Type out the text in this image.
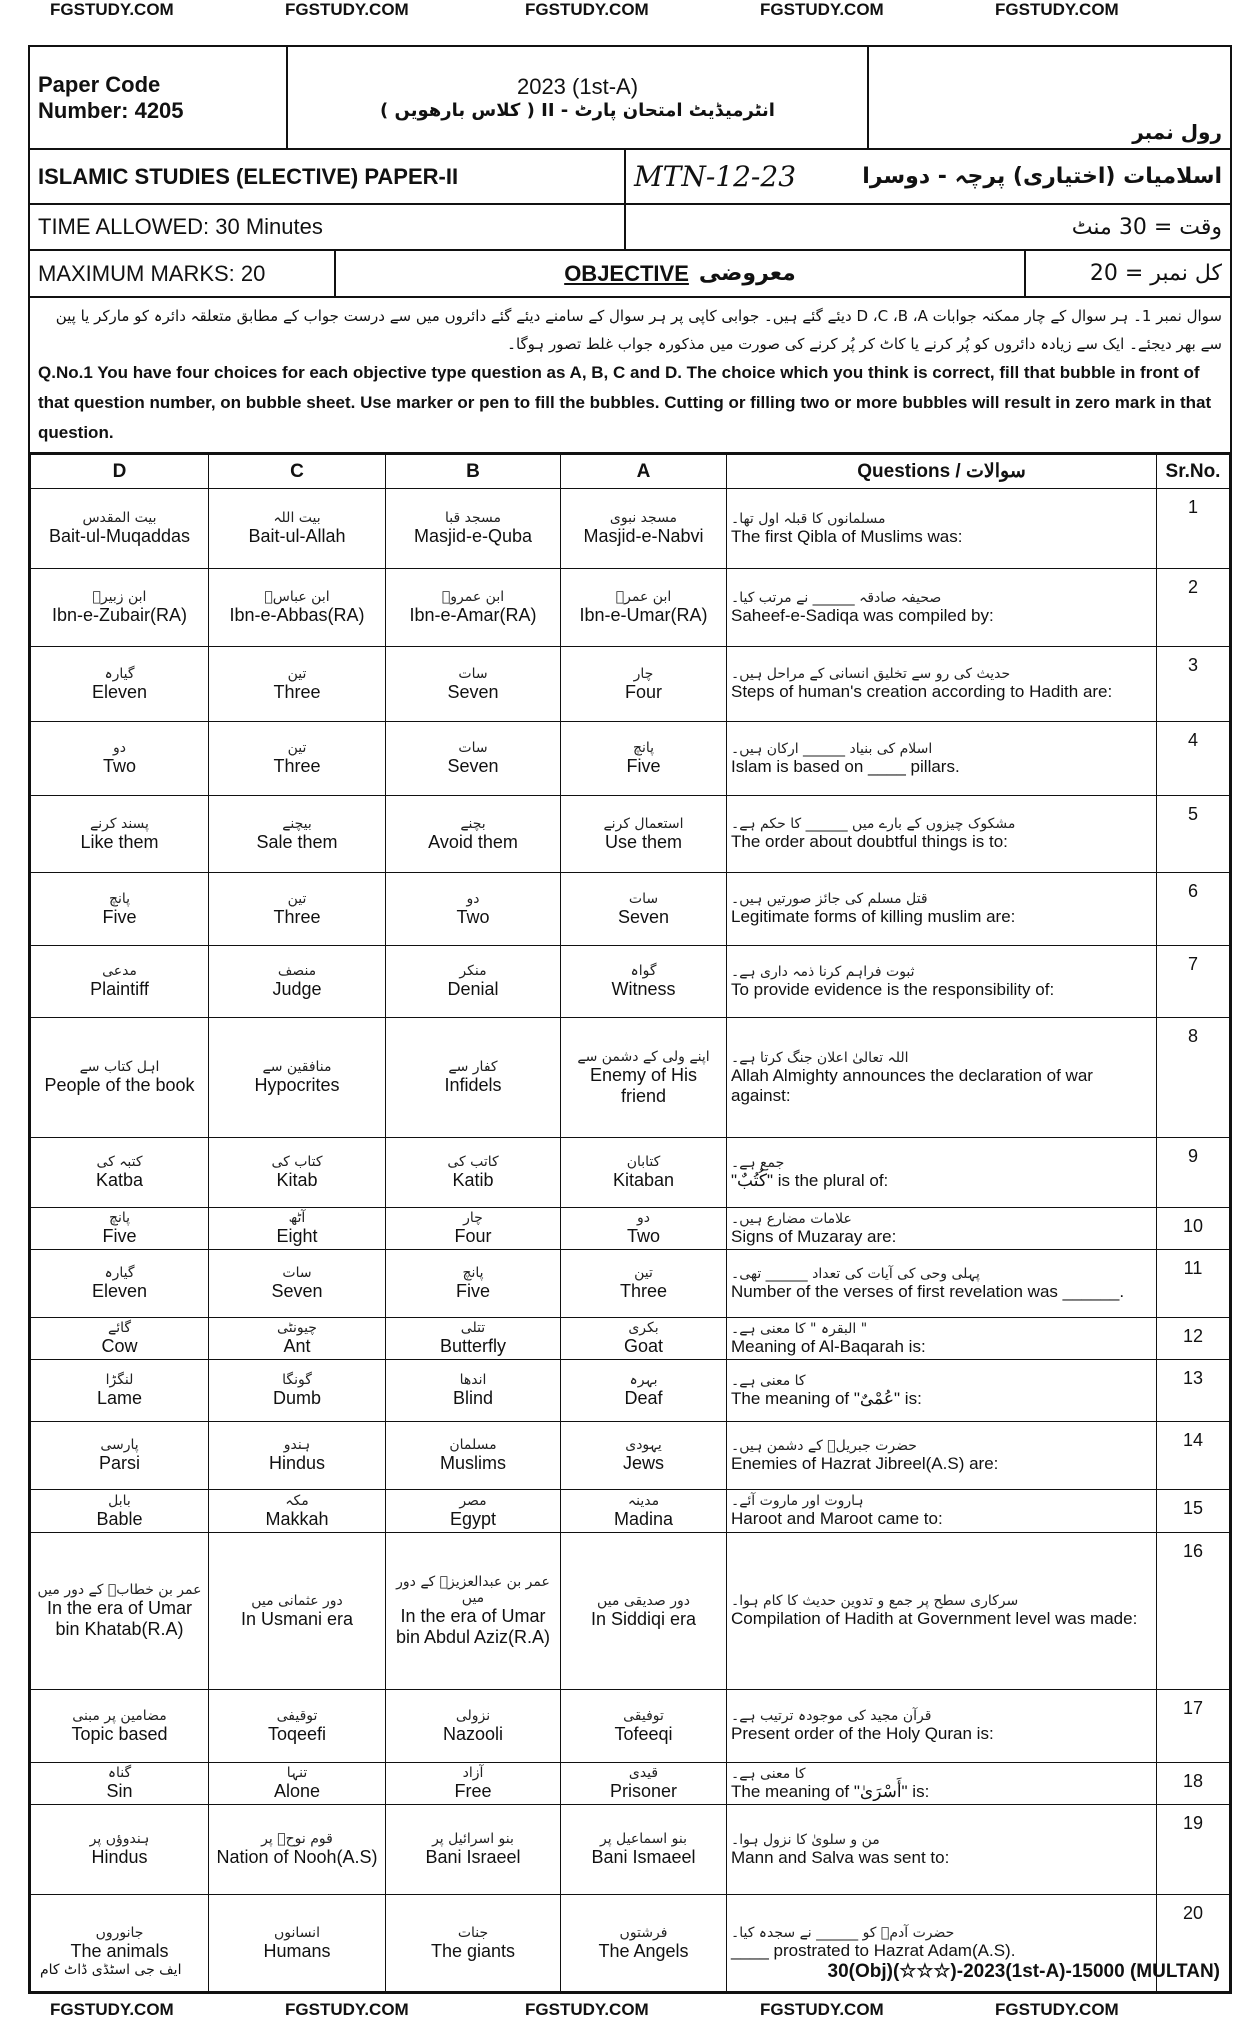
FGSTUDY.COM	FGSTUDY.COM	FGSTUDY.COM	FGSTUDY.COM	FGSTUDY.COM
Paper Code
Number: 4205
2023 (1st-A)
انٹرمیڈیٹ امتحان پارٹ - II ( کلاس بارھویں )
رول نمبر
ISLAMIC STUDIES (ELECTIVE) PAPER-II	MTN-12-23	اسلامیات (اختیاری) پرچہ - دوسرا
TIME ALLOWED: 30 Minutes	وقت = 30 منٹ
MAXIMUM MARKS: 20	OBJECTIVE معروضی	کل نمبر = 20
سوال نمبر 1۔ ہر سوال کے چار ممکنہ جوابات D ،C ،B ،A دیئے گئے ہیں۔ جوابی کاپی پر ہر سوال کے سامنے دیئے گئے دائروں میں سے درست جواب کے مطابق متعلقہ دائرہ کو مارکر یا پین سے بھر دیجئے۔ ایک سے زیادہ دائروں کو پُر کرنے یا کاٹ کر پُر کرنے کی صورت میں مذکورہ جواب غلط تصور ہوگا۔
Q.No.1 You have four choices for each objective type question as A, B, C and D. The choice which you think is correct, fill that bubble in front of that question number, on bubble sheet. Use marker or pen to fill the bubbles. Cutting or filling two or more bubbles will result in zero mark in that question.
D	C	B	A	Questions / سوالات	Sr.No.

بیت المقدس
Bait-ul-Muqaddas	بیت اللہ
Bait-ul-Allah	مسجد قبا
Masjid-e-Quba	مسجد نبوی
Masjid-e-Nabvi	مسلمانوں کا قبلہ اول تھا۔
The first Qibla of Muslims was:	1

ابن زبیرؓ
Ibn-e-Zubair(RA)	ابن عباسؓ
Ibn-e-Abbas(RA)	ابن عمروؓ
Ibn-e-Amar(RA)	ابن عمرؓ
Ibn-e-Umar(RA)	صحیفہ صادقہ ______ نے مرتب کیا۔
Saheef-e-Sadiqa was compiled by:	2

گیارہ
Eleven	تین
Three	سات
Seven	چار
Four	حدیث کی رو سے تخلیق انسانی کے مراحل ہیں۔
Steps of human's creation according to Hadith are:	3

دو
Two	تین
Three	سات
Seven	پانچ
Five	اسلام کی بنیاد ______ ارکان ہیں۔
Islam is based on ____ pillars.	4

پسند کرنے
Like them	بیچنے
Sale them	بچنے
Avoid them	استعمال کرنے
Use them	مشکوک چیزوں کے بارے میں ______ کا حکم ہے۔
The order about doubtful things is to:	5

پانچ
Five	تین
Three	دو
Two	سات
Seven	قتل مسلم کی جائز صورتیں ہیں۔
Legitimate forms of killing muslim are:	6

مدعی
Plaintiff	منصف
Judge	منکر
Denial	گواہ
Witness	ثبوت فراہم کرنا ذمہ داری ہے۔
To provide evidence is the responsibility of:	7

اہل کتاب سے
People of the book	منافقین سے
Hypocrites	کفار سے
Infidels	اپنے ولی کے دشمن سے
Enemy of His friend	اللہ تعالیٰ اعلان جنگ کرتا ہے۔
Allah Almighty announces the declaration of war against:	8

کتبہ کی
Katba	کتاب کی
Kitab	کاتب کی
Katib	کتابان
Kitaban	جمع ہے۔
"كُتُبٌ" is the plural of:	9

پانچ
Five	آٹھ
Eight	چار
Four	دو
Two	علامات مضارع ہیں۔
Signs of Muzaray are:	10

گیارہ
Eleven	سات
Seven	پانچ
Five	تین
Three	پہلی وحی کی آیات کی تعداد ______ تھی۔
Number of the verses of first revelation was ______.	11

گائے
Cow	چیونٹی
Ant	تتلی
Butterfly	بکری
Goat	" البقرہ " کا معنی ہے۔
Meaning of Al-Baqarah is:	12

لنگڑا
Lame	گونگا
Dumb	اندھا
Blind	بہرہ
Deaf	کا معنی ہے۔
The meaning of "عُمْىٌ" is:	13

پارسی
Parsi	ہندو
Hindus	مسلمان
Muslims	یہودی
Jews	حضرت جبریلؑ کے دشمن ہیں۔
Enemies of Hazrat Jibreel(A.S) are:	14

بابل
Bable	مکہ
Makkah	مصر
Egypt	مدینہ
Madina	ہاروت اور ماروت آئے۔
Haroot and Maroot came to:	15

عمر بن خطابؓ کے دور میں
In the era of Umar bin Khatab(R.A)	دور عثمانی میں
In Usmani era	عمر بن عبدالعزیزؒ کے دور میں
In the era of Umar bin Abdul Aziz(R.A)	دور صدیقی میں
In Siddiqi era	سرکاری سطح پر جمع و تدوین حدیث کا کام ہوا۔
Compilation of Hadith at Government level was made:	16

مضامین پر مبنی
Topic based	توقیفی
Toqeefi	نزولی
Nazooli	توفیقی
Tofeeqi	قرآن مجید کی موجودہ ترتیب ہے۔
Present order of the Holy Quran is:	17

گناہ
Sin	تنہا
Alone	آزاد
Free	قیدی
Prisoner	کا معنی ہے۔
The meaning of "أَسْرَىٰ" is:	18

ہندوؤں پر
Hindus	قوم نوحؑ پر
Nation of Nooh(A.S)	بنو اسرائیل پر
Bani Israeel	بنو اسماعیل پر
Bani Ismaeel	من و سلویٰ کا نزول ہوا۔
Mann and Salva was sent to:	19

جانوروں
The animals	انسانوں
Humans	جنات
The giants	فرشتوں
The Angels	حضرت آدمؑ کو ______ نے سجدہ کیا۔
____ prostrated to Hazrat Adam(A.S).	20
ایف جی اسٹڈی ڈاٹ کام	30(Obj)(☆☆☆)-2023(1st-A)-15000 (MULTAN)
FGSTUDY.COM	FGSTUDY.COM	FGSTUDY.COM	FGSTUDY.COM	FGSTUDY.COM
